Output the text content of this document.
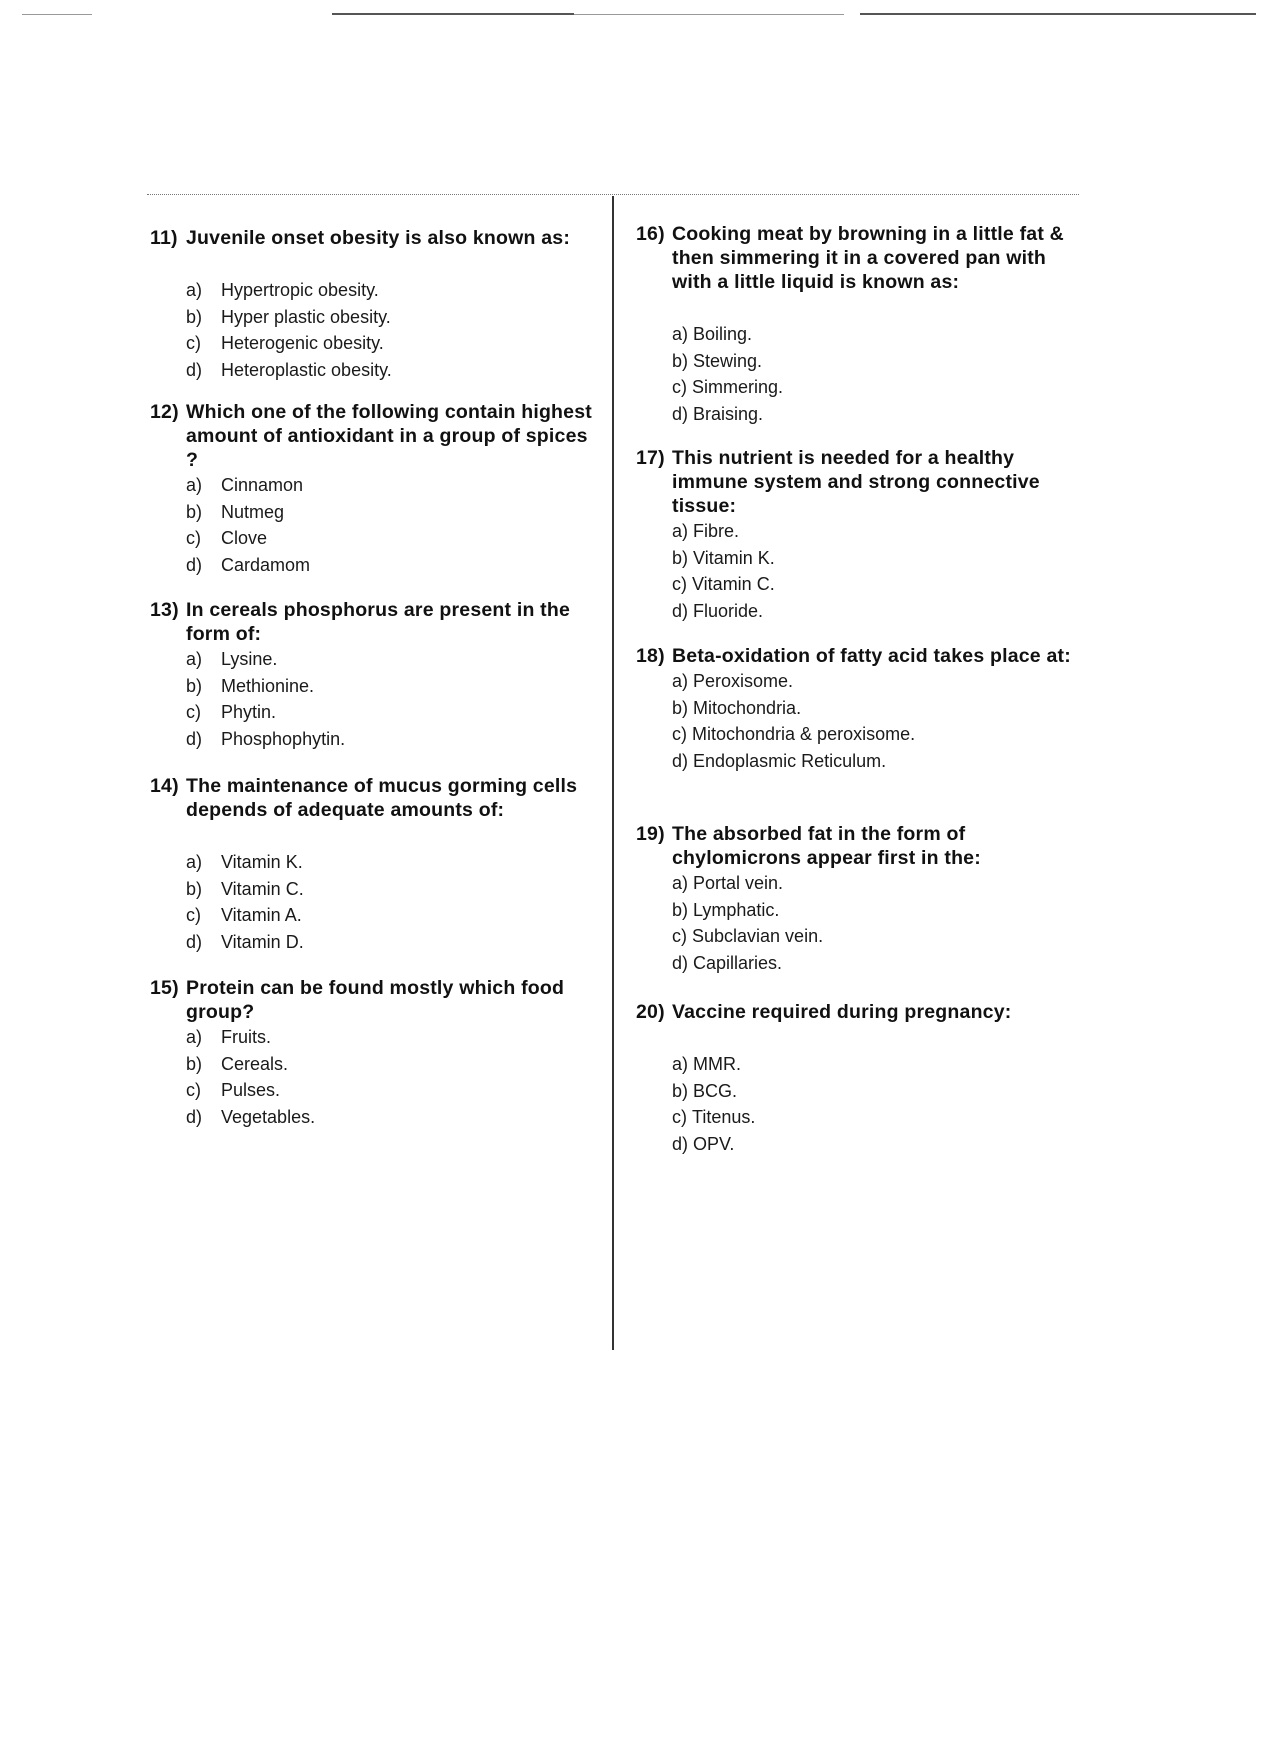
11) Juvenile onset obesity is also known as:
a)	Hypertropic obesity.
b)	Hyper plastic obesity.
c)	Heterogenic obesity.
d)	Heteroplastic obesity.
12) Which one of the following contain highest amount of antioxidant in a group of spices ?
a)	Cinnamon
b)	Nutmeg
c)	Clove
d)	Cardamom
13) In cereals phosphorus are present in the form of:
a)	Lysine.
b)	Methionine.
c)	Phytin.
d)	Phosphophytin.
14) The maintenance of mucus gorming cells depends of adequate amounts of:
a)	Vitamin K.
b)	Vitamin C.
c)	Vitamin A.
d)	Vitamin D.
15) Protein can be found mostly which food group?
a)	Fruits.
b)	Cereals.
c)	Pulses.
d)	Vegetables.
16) Cooking meat by browning in a little fat & then simmering it in a covered pan with with a little liquid is known as:
a) Boiling.
b) Stewing.
c) Simmering.
d) Braising.
17) This nutrient is needed for a healthy immune system and strong connective tissue:
a) Fibre.
b) Vitamin K.
c) Vitamin C.
d) Fluoride.
18) Beta-oxidation of fatty acid takes place at:
a) Peroxisome.
b) Mitochondria.
c) Mitochondria & peroxisome.
d) Endoplasmic Reticulum.
19) The absorbed fat in the form of chylomicrons appear first in the:
a) Portal vein.
b) Lymphatic.
c) Subclavian vein.
d) Capillaries.
20) Vaccine required during pregnancy:
a) MMR.
b) BCG.
c) Titenus.
d) OPV.
